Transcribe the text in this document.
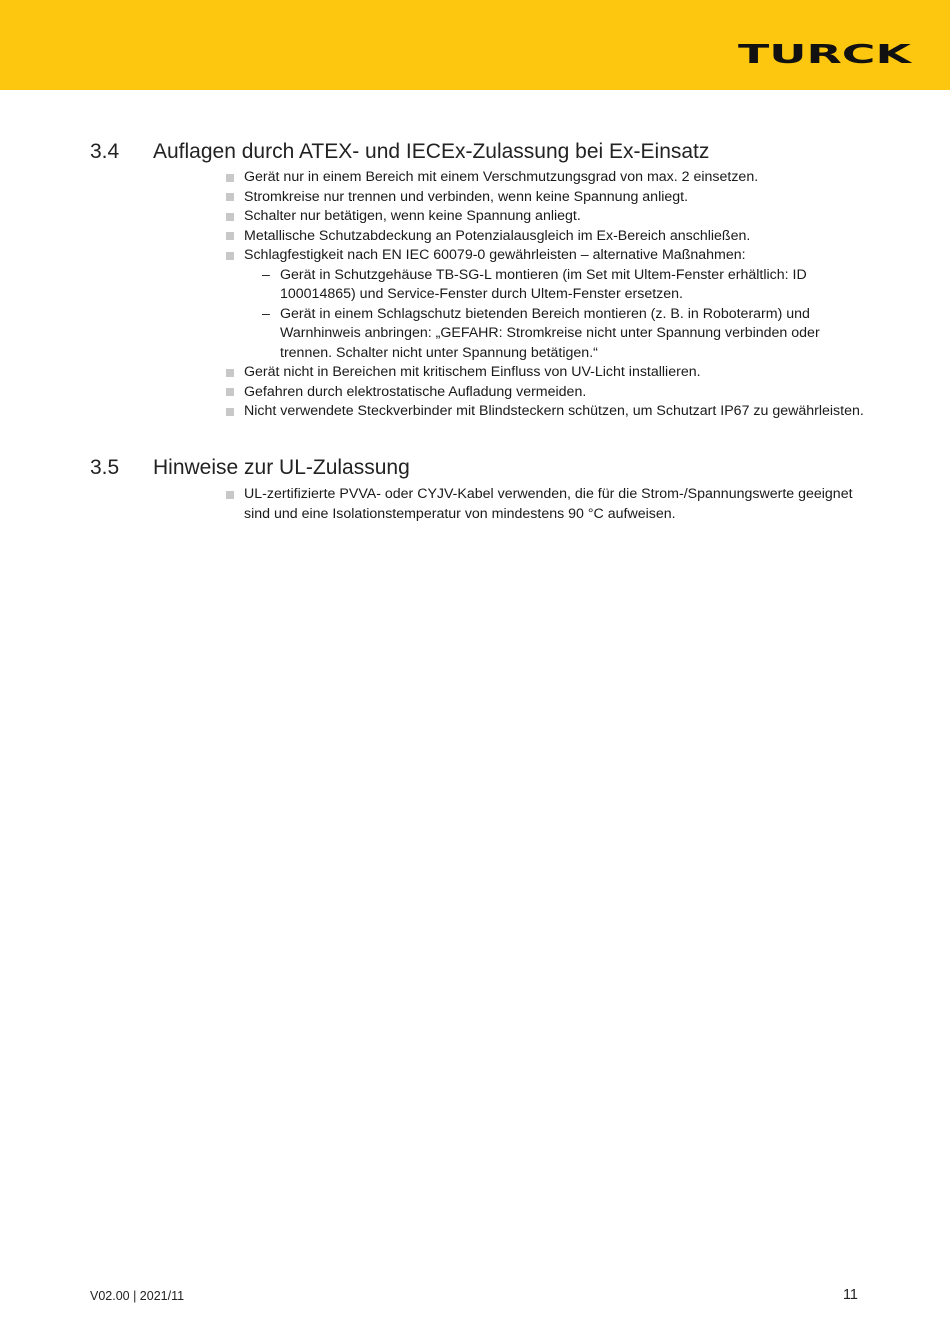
TURCK
3.4 Auflagen durch ATEX- und IECEx-Zulassung bei Ex-Einsatz
Gerät nur in einem Bereich mit einem Verschmutzungsgrad von max. 2 einsetzen.
Stromkreise nur trennen und verbinden, wenn keine Spannung anliegt.
Schalter nur betätigen, wenn keine Spannung anliegt.
Metallische Schutzabdeckung an Potenzialausgleich im Ex-Bereich anschließen.
Schlagfestigkeit nach EN IEC 60079-0 gewährleisten – alternative Maßnahmen:
– Gerät in Schutzgehäuse TB-SG-L montieren (im Set mit Ultem-Fenster erhältlich: ID 100014865) und Service-Fenster durch Ultem-Fenster ersetzen.
– Gerät in einem Schlagschutz bietenden Bereich montieren (z. B. in Roboterarm) und Warnhinweis anbringen: „GEFAHR: Stromkreise nicht unter Spannung verbinden oder trennen. Schalter nicht unter Spannung betätigen.“
Gerät nicht in Bereichen mit kritischem Einfluss von UV-Licht installieren.
Gefahren durch elektrostatische Aufladung vermeiden.
Nicht verwendete Steckverbinder mit Blindsteckern schützen, um Schutzart IP67 zu gewährleisten.
3.5 Hinweise zur UL-Zulassung
UL-zertifizierte PVVA- oder CYJV-Kabel verwenden, die für die Strom-/Spannungswerte geeignet sind und eine Isolationstemperatur von mindestens 90 °C aufweisen.
V02.00 | 2021/11	11
